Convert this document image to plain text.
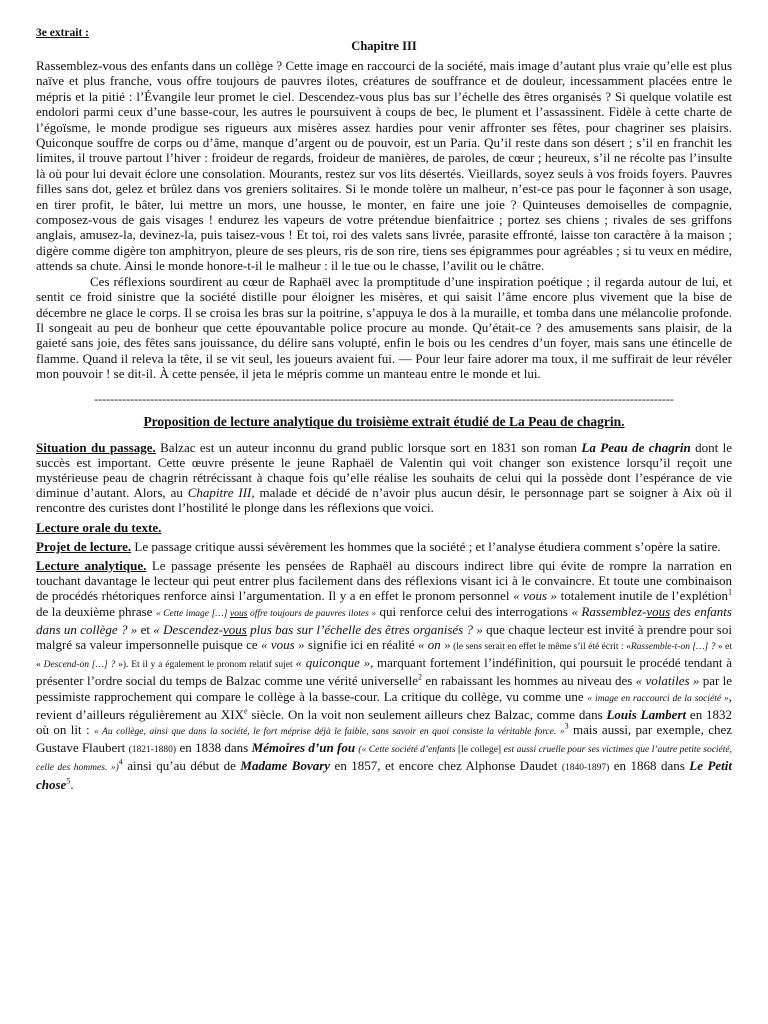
3e extrait :

Chapitre III

Rassemblez-vous des enfants dans un collège ? Cette image en raccourci de la société, mais image d’autant plus vraie qu’elle est plus naïve et plus franche, vous offre toujours de pauvres ilotes, créatures de souffrance et de douleur, incessamment placées entre le mépris et la pitié : l’Évangile leur promet le ciel. Descendez-vous plus bas sur l’échelle des êtres organisés ? Si quelque volatile est endolori parmi ceux d’une basse-cour, les autres le poursuivent à coups de bec, le plument et l’assassinent. Fidèle à cette charte de l’égoïsme, le monde prodigue ses rigueurs aux misères assez hardies pour venir affronter ses fêtes, pour chagriner ses plaisirs. Quiconque souffre de corps ou d’âme, manque d’argent ou de pouvoir, est un Paria. Qu’il reste dans son désert ; s’il en franchit les limites, il trouve partout l’hiver : froideur de regards, froideur de manières, de paroles, de cœur ; heureux, s’il ne récolte pas l’insulte là où pour lui devait éclore une consolation. Mourants, restez sur vos lits désertés. Vieillards, soyez seuls à vos froids foyers. Pauvres filles sans dot, gelez et brûlez dans vos greniers solitaires. Si le monde tolère un malheur, n’est-ce pas pour le façonner à son usage, en tirer profit, le bâter, lui mettre un mors, une housse, le monter, en faire une joie ? Quinteuses demoiselles de compagnie, composez-vous de gais visages ! endurez les vapeurs de votre prétendue bienfaitrice ; portez ses chiens ; rivales de ses griffons anglais, amusez-la, devinez-la, puis taisez-vous ! Et toi, roi des valets sans livrée, parasite effronté, laisse ton caractère à la maison ; digère comme digère ton amphitryon, pleure de ses pleurs, ris de son rire, tiens ses épigrammes pour agréables ; si tu veux en médire, attends sa chute. Ainsi le monde honore-t-il le malheur : il le tue ou le chasse, l’avilit ou le châtre.

Ces réflexions sourdirent au cœur de Raphaël avec la promptitude d’une inspiration poétique ; il regarda autour de lui, et sentit ce froid sinistre que la société distille pour éloigner les misères, et qui saisit l’âme encore plus vivement que la bise de décembre ne glace le corps. Il se croisa les bras sur la poitrine, s’appuya le dos à la muraille, et tomba dans une mélancolie profonde. Il songeait au peu de bonheur que cette épouvantable police procure au monde. Qu’était-ce ? des amusements sans plaisir, de la gaieté sans joie, des fêtes sans jouissance, du délire sans volupté, enfin le bois ou les cendres d’un foyer, mais sans une étincelle de flamme. Quand il releva la tête, il se vit seul, les joueurs avaient fui. — Pour leur faire adorer ma toux, il me suffirait de leur révéler mon pouvoir ! se dit-il. À cette pensée, il jeta le mépris comme un manteau entre le monde et lui.

-------------------------------------------------------------------------------------------------------------------------------------------------

Proposition de lecture analytique du troisième extrait étudié de La Peau de chagrin.

Situation du passage. Balzac est un auteur inconnu du grand public lorsque sort en 1831 son roman La Peau de chagrin dont le succès est important. Cette œuvre présente le jeune Raphaël de Valentin qui voit changer son existence lorsqu’il reçoit une mystérieuse peau de chagrin rétrécissant à chaque fois qu’elle réalise les souhaits de celui qui la possède dont l’espérance de vie diminue d’autant. Alors, au Chapitre III, malade et décidé de n’avoir plus aucun désir, le personnage part se soigner à Aix où il rencontre des curistes dont l’hostilité le plonge dans les réflexions que voici.

Lecture orale du texte.

Projet de lecture. Le passage critique aussi sévèrement les hommes que la société ; et l’analyse étudiera comment s’opère la satire.

Lecture analytique. Le passage présente les pensées de Raphaël au discours indirect libre qui évite de rompre la narration en touchant davantage le lecteur qui peut entrer plus facilement dans des réflexions visant ici à le convaincre. Et toute une combinaison de procédés rhétoriques renforce ainsi l’argumentation. Il y a en effet le pronom personnel « vous » totalement inutile de l’explétion$^1$ de la deuxième phrase « Cette image […] vous offre toujours de pauvres ilotes » qui renforce celui des interrogations « Rassemblez-vous des enfants dans un collège ? » et « Descendez-vous plus bas sur l’échelle des êtres organisés ? » que chaque lecteur est invité à prendre pour soi malgré sa valeur impersonnelle puisque ce « vous » signifie ici en réalité « on » (le sens serait en effet le même s’il été écrit : «Rassemble-t-on […] ? » et « Descend-on […] ? »). Et il y a également le pronom relatif sujet « quiconque », marquant fortement l’indéfinition, qui poursuit le procédé tendant à présenter l’ordre social du temps de Balzac comme une vérité universelle$^2$ en rabaissant les hommes au niveau des « volatiles » par le pessimiste rapprochement qui compare le collège à la basse-cour. La critique du collège, vu comme une « image en raccourci de la société », revient d’ailleurs régulièrement au XIXe siècle. On la voit non seulement ailleurs chez Balzac, comme dans Louis Lambert en 1832 où on lit : « Au collège, ainsi que dans la société, le fort méprise déjà le faible, sans savoir en quoi consiste la véritable force. »$^3$ mais aussi, par exemple, chez Gustave Flaubert (1821-1880) en 1838 dans Mémoires d’un fou (« Cette société d’enfants [le college] est aussi cruelle pour ses victimes que l’autre petite société, celle des hommes. »)$^4$ ainsi qu’au début de Madame Bovary en 1857, et encore chez Alphonse Daudet (1840-1897) en 1868 dans Le Petit chose$^5$.
